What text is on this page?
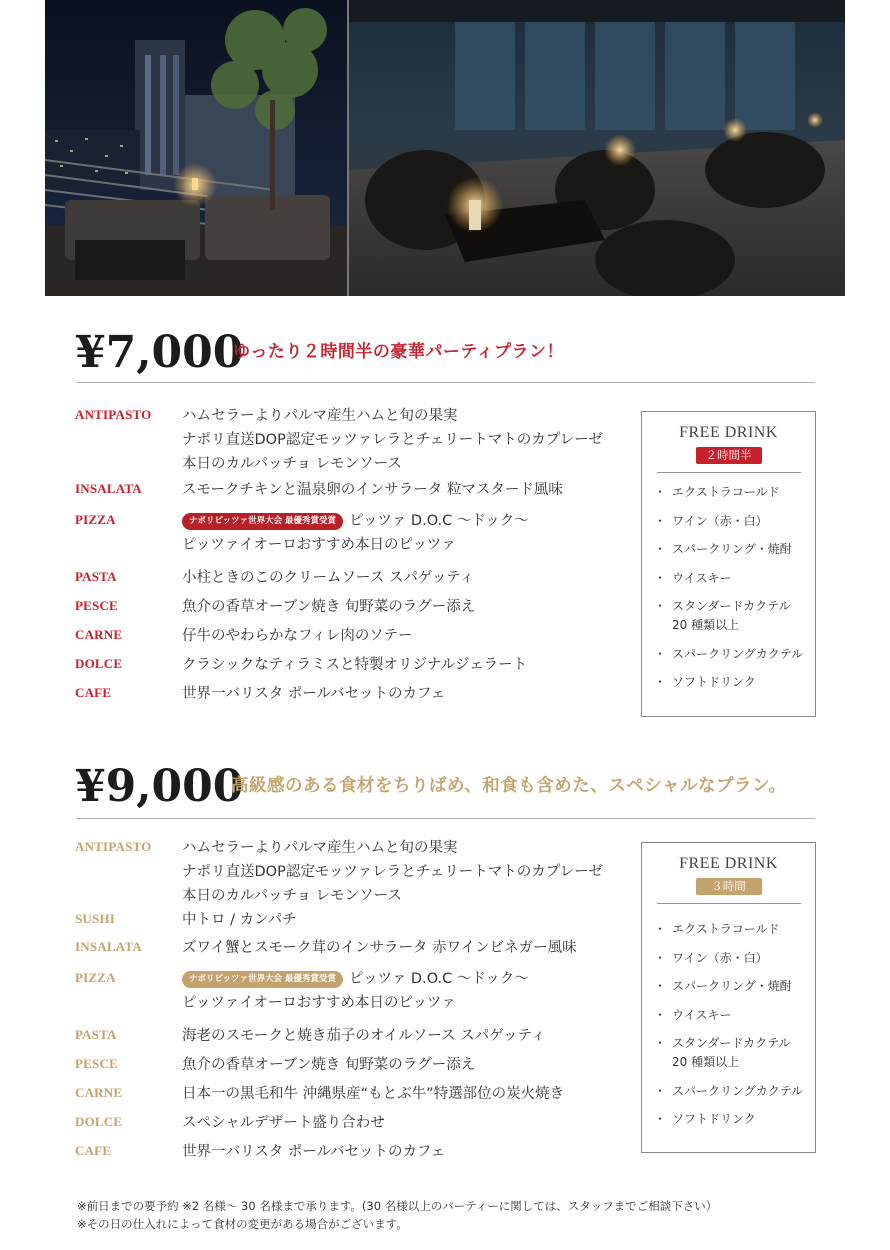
¥7,000
ゆったり２時間半の豪華パーティプラン！
ANTIPASTO	ハムセラーよりパルマ産生ハムと旬の果実
ナポリ直送DOP認定モッツァレラとチェリートマトのカプレーゼ
本日のカルパッチョ レモンソース
INSALATA	スモークチキンと温泉卵のインサラータ 粒マスタード風味
PIZZA	ナポリピッツァ世界大会 最優秀賞受賞 ピッツァ D.O.C ～ドック～
ピッツァイオーロおすすめ本日のピッツァ
PASTA	小柱ときのこのクリームソース スパゲッティ
PESCE	魚介の香草オーブン焼き 旬野菜のラグー添え
CARNE	仔牛のやわらかなフィレ肉のソテー
DOLCE	クラシックなティラミスと特製オリジナルジェラート
CAFE	世界一バリスタ ポールバセットのカフェ
FREE DRINK
２時間半
・ エクストラコールド
・ ワイン（赤・白）
・ スパークリング・焼酎
・ ウイスキー
・ スタンダードカクテル
20 種類以上
・ スパークリングカクテル
・ ソフトドリンク
¥9,000
高級感のある食材をちりばめ、和食も含めた、スペシャルなプラン。
ANTIPASTO	ハムセラーよりパルマ産生ハムと旬の果実
ナポリ直送DOP認定モッツァレラとチェリートマトのカプレーゼ
本日のカルパッチョ レモンソース
SUSHI	中トロ / カンパチ
INSALATA	ズワイ蟹とスモーク茸のインサラータ 赤ワインビネガー風味
PIZZA	ナポリピッツァ世界大会 最優秀賞受賞 ピッツァ D.O.C ～ドック～
ピッツァイオーロおすすめ本日のピッツァ
PASTA	海老のスモークと焼き茄子のオイルソース スパゲッティ
PESCE	魚介の香草オーブン焼き 旬野菜のラグー添え
CARNE	日本一の黒毛和牛 沖縄県産“もとぶ牛”特選部位の炭火焼き
DOLCE	スペシャルデザート盛り合わせ
CAFE	世界一バリスタ ポールバセットのカフェ
FREE DRINK
３時間
・ エクストラコールド
・ ワイン（赤・白）
・ スパークリング・焼酎
・ ウイスキー
・ スタンダードカクテル
20 種類以上
・ スパークリングカクテル
・ ソフトドリンク
※前日までの要予約 ※2 名様～ 30 名様まで承ります。(30 名様以上のパーティーに関しては、スタッフまでご相談下さい）
※その日の仕入れによって食材の変更がある場合がございます。
